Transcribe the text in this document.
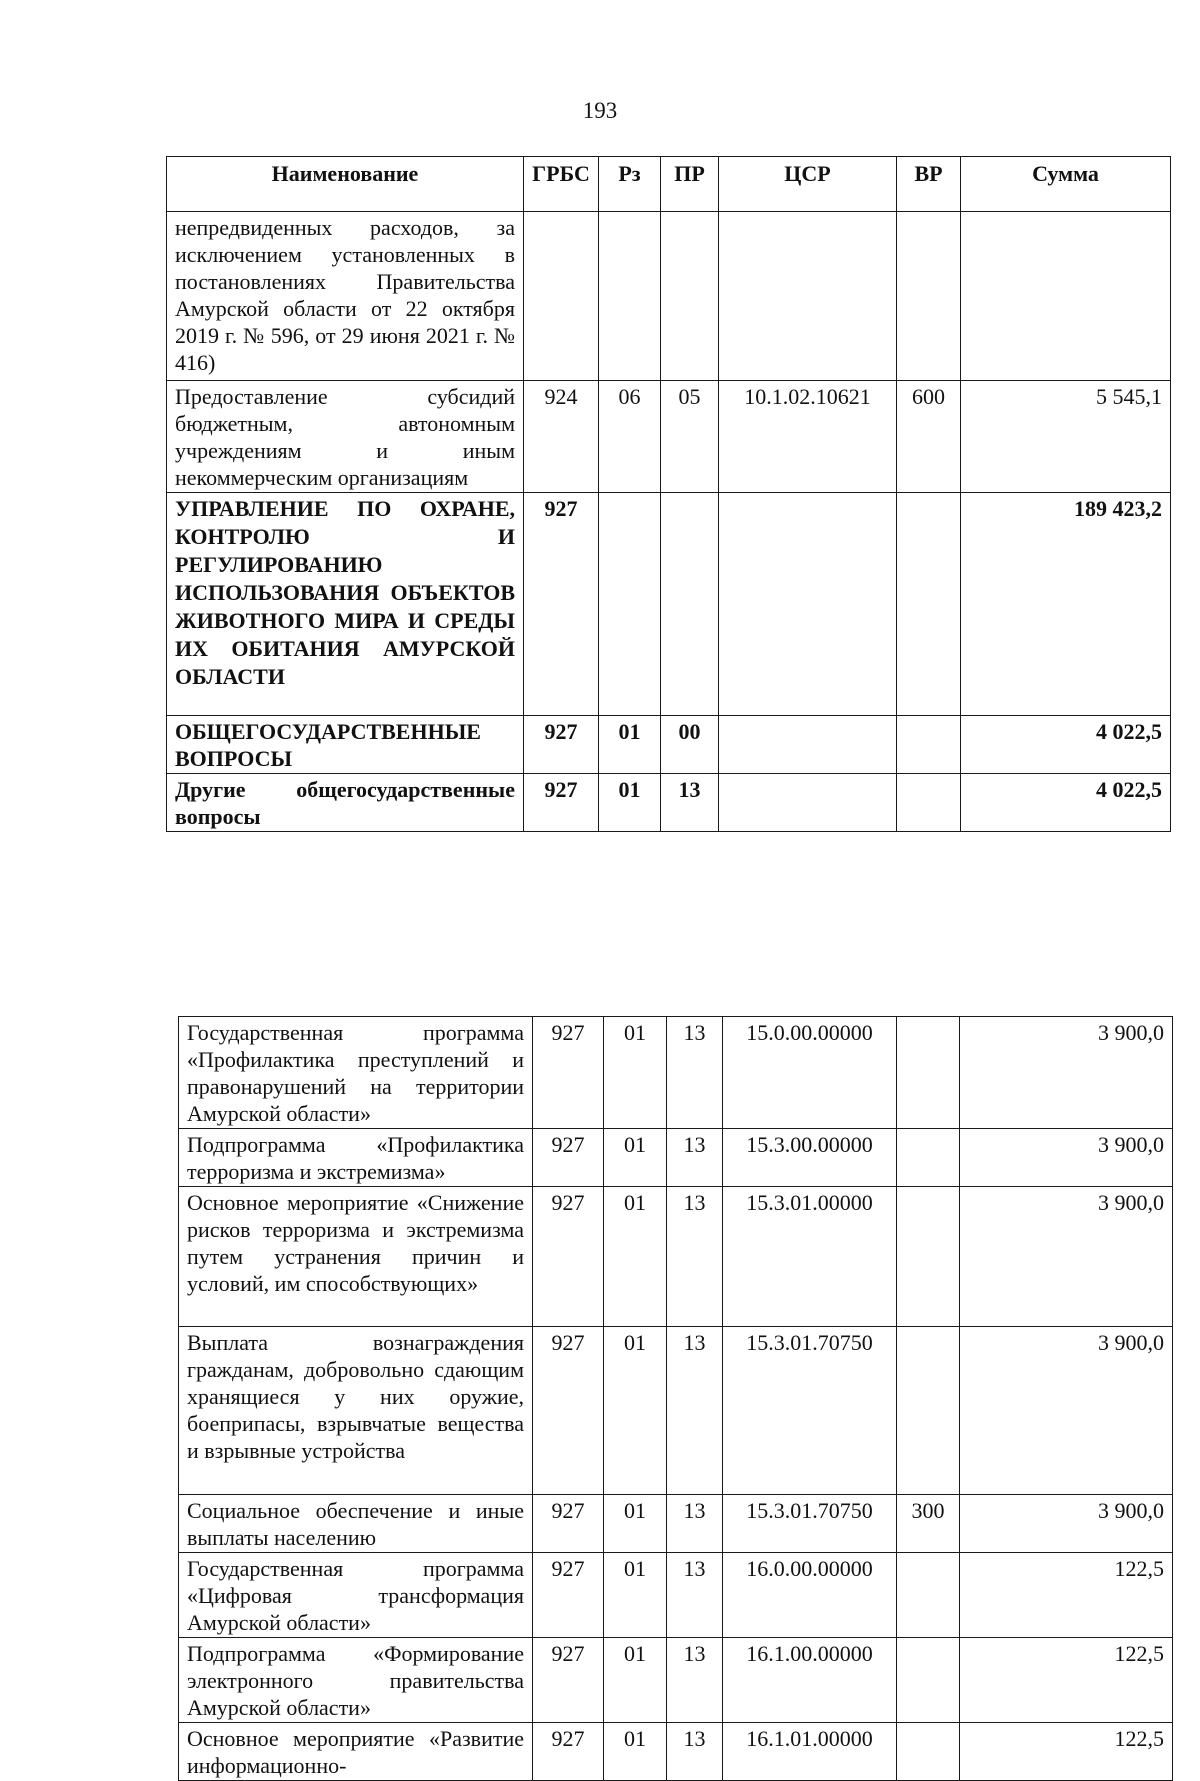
193
Наименование	ГРБС	Рз	ПР	ЦСР	ВР	Сумма
непредвиденных расходов, за исключением установленных в постановлениях Правительства Амурской области от 22 октября 2019 г. № 596, от 29 июня 2021 г. № 416)						
Предоставление субсидий бюджетным, автономным учреждениям и иным некоммерческим организациям	924	06	05	10.1.02.10621	600	5 545,1
УПРАВЛЕНИЕ ПО ОХРАНЕ, КОНТРОЛЮ И РЕГУЛИРОВАНИЮ ИСПОЛЬЗОВАНИЯ ОБЪЕКТОВ ЖИВОТНОГО МИРА И СРЕДЫ ИХ ОБИТАНИЯ АМУРСКОЙ ОБЛАСТИ	927					189 423,2
ОБЩЕГОСУДАРСТВЕННЫЕ ВОПРОСЫ	927	01	00			4 022,5
Другие общегосударственные вопросы	927	01	13			4 022,5
Государственная программа «Профилактика преступлений и правонарушений на территории Амурской области»	927	01	13	15.0.00.00000		3 900,0
Подпрограмма «Профилактика терроризма и экстремизма»	927	01	13	15.3.00.00000		3 900,0
Основное мероприятие «Снижение рисков терроризма и экстремизма путем устранения причин и условий, им способствующих»	927	01	13	15.3.01.00000		3 900,0
Выплата вознаграждения гражданам, добровольно сдающим хранящиеся у них оружие, боеприпасы, взрывчатые вещества и взрывные устройства	927	01	13	15.3.01.70750		3 900,0
Социальное обеспечение и иные выплаты населению	927	01	13	15.3.01.70750	300	3 900,0
Государственная программа «Цифровая трансформация Амурской области»	927	01	13	16.0.00.00000		122,5
Подпрограмма «Формирование электронного правительства Амурской области»	927	01	13	16.1.00.00000		122,5
Основное мероприятие «Развитие информационно-	927	01	13	16.1.01.00000		122,5
